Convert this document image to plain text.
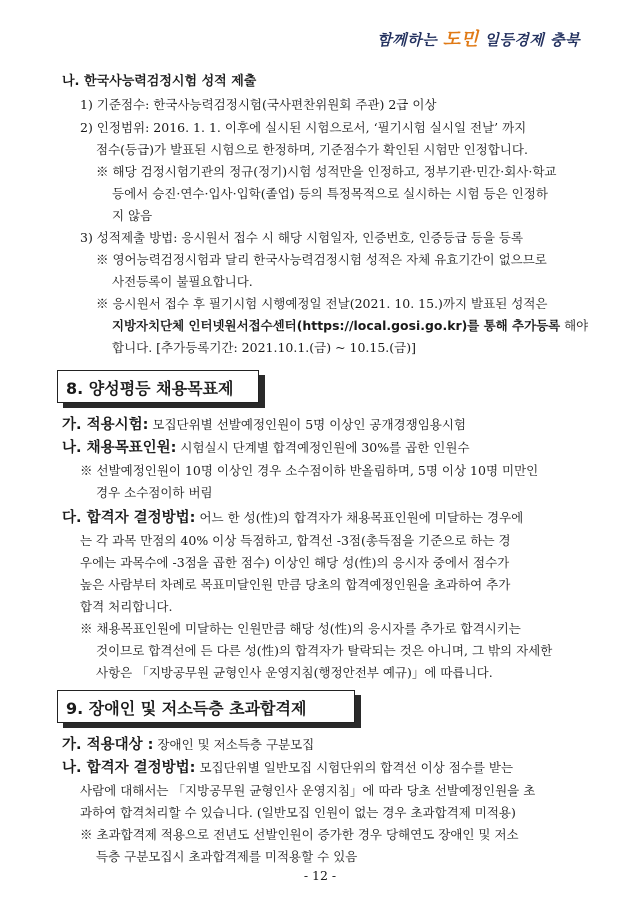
함께하는 도민 일등경제 충북
나. 한국사능력검정시험 성적 제출
1) 기준점수: 한국사능력검정시험(국사편찬위원회 주관) 2급 이상
2) 인정범위: 2016. 1. 1. 이후에 실시된 시험으로서, ‘필기시험 실시일 전날’ 까지
점수(등급)가 발표된 시험으로 한정하며, 기준점수가 확인된 시험만 인정합니다.
※ 해당 검정시험기관의 정규(정기)시험 성적만을 인정하고, 정부기관·민간·회사·학교
등에서 승진·연수·입사·입학(졸업) 등의 특정목적으로 실시하는 시험 등은 인정하
지 않음
3) 성적제출 방법: 응시원서 접수 시 해당 시험일자, 인증번호, 인증등급 등을 등록
※ 영어능력검정시험과 달리 한국사능력검정시험 성적은 자체 유효기간이 없으므로
사전등록이 불필요합니다.
※ 응시원서 접수 후 필기시험 시행예정일 전날(2021. 10. 15.)까지 발표된 성적은
지방자치단체 인터넷원서접수센터(https://local.gosi.go.kr)를 통해 추가등록 해야
합니다. [추가등록기간: 2021.10.1.(금) ~ 10.15.(금)]
8. 양성평등 채용목표제
가. 적용시험: 모집단위별 선발예정인원이 5명 이상인 공개경쟁임용시험
나. 채용목표인원: 시험실시 단계별 합격예정인원에 30%를 곱한 인원수
※ 선발예정인원이 10명 이상인 경우 소수점이하 반올림하며, 5명 이상 10명 미만인
경우 소수점이하 버림
다. 합격자 결정방법: 어느 한 성(性)의 합격자가 채용목표인원에 미달하는 경우에
는 각 과목 만점의 40% 이상 득점하고, 합격선 -3점(총득점을 기준으로 하는 경
우에는 과목수에 -3점을 곱한 점수) 이상인 해당 성(性)의 응시자 중에서 점수가
높은 사람부터 차례로 목표미달인원 만큼 당초의 합격예정인원을 초과하여 추가
합격 처리합니다.
※ 채용목표인원에 미달하는 인원만큼 해당 성(性)의 응시자를 추가로 합격시키는
것이므로 합격선에 든 다른 성(性)의 합격자가 탈락되는 것은 아니며, 그 밖의 자세한
사항은 「지방공무원 균형인사 운영지침(행정안전부 예규)」에 따릅니다.
9. 장애인 및 저소득층 초과합격제
가. 적용대상 : 장애인 및 저소득층 구분모집
나. 합격자 결정방법: 모집단위별 일반모집 시험단위의 합격선 이상 점수를 받는
사람에 대해서는 「지방공무원 균형인사 운영지침」에 따라 당초 선발예정인원을 초
과하여 합격처리할 수 있습니다. (일반모집 인원이 없는 경우 초과합격제 미적용)
※ 초과합격제 적용으로 전년도 선발인원이 증가한 경우 당해연도 장애인 및 저소
득층 구분모집시 초과합격제를 미적용할 수 있음
- 12 -
